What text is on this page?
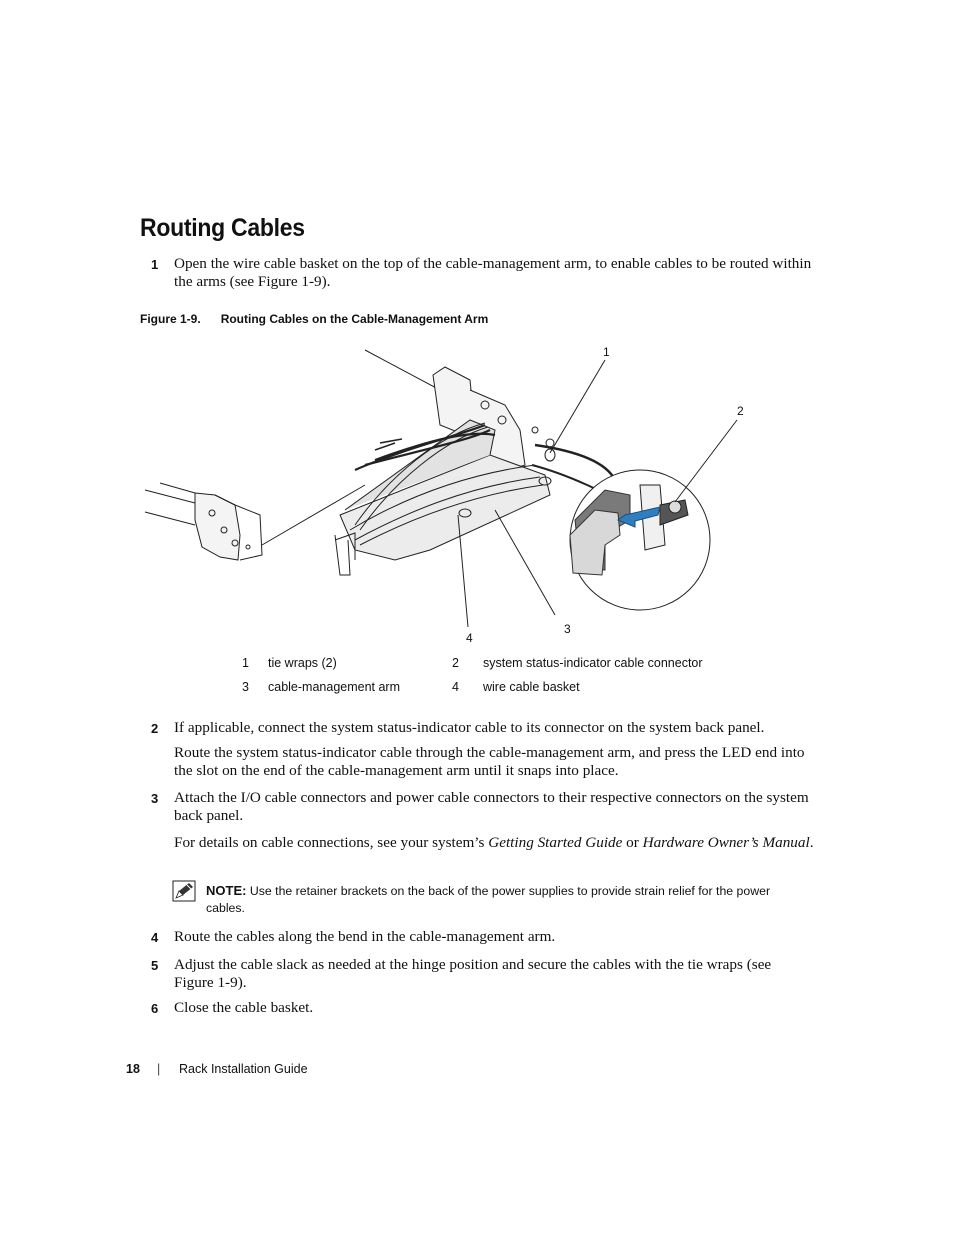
Routing Cables
1 Open the wire cable basket on the top of the cable-management arm, to enable cables to be routed within the arms (see Figure 1-9).
Figure 1-9. Routing Cables on the Cable-Management Arm
1
2
3
4
1 tie wraps (2)	2 system status-indicator cable connector
3 cable-management arm	4 wire cable basket
2 If applicable, connect the system status-indicator cable to its connector on the system back panel.
Route the system status-indicator cable through the cable-management arm, and press the LED end into the slot on the end of the cable-management arm until it snaps into place.
3 Attach the I/O cable connectors and power cable connectors to their respective connectors on the system back panel.
For details on cable connections, see your system’s Getting Started Guide or Hardware Owner’s Manual.
NOTE: Use the retainer brackets on the back of the power supplies to provide strain relief for the power cables.
4 Route the cables along the bend in the cable-management arm.
5 Adjust the cable slack as needed at the hinge position and secure the cables with the tie wraps (see Figure 1-9).
6 Close the cable basket.
18 | Rack Installation Guide
